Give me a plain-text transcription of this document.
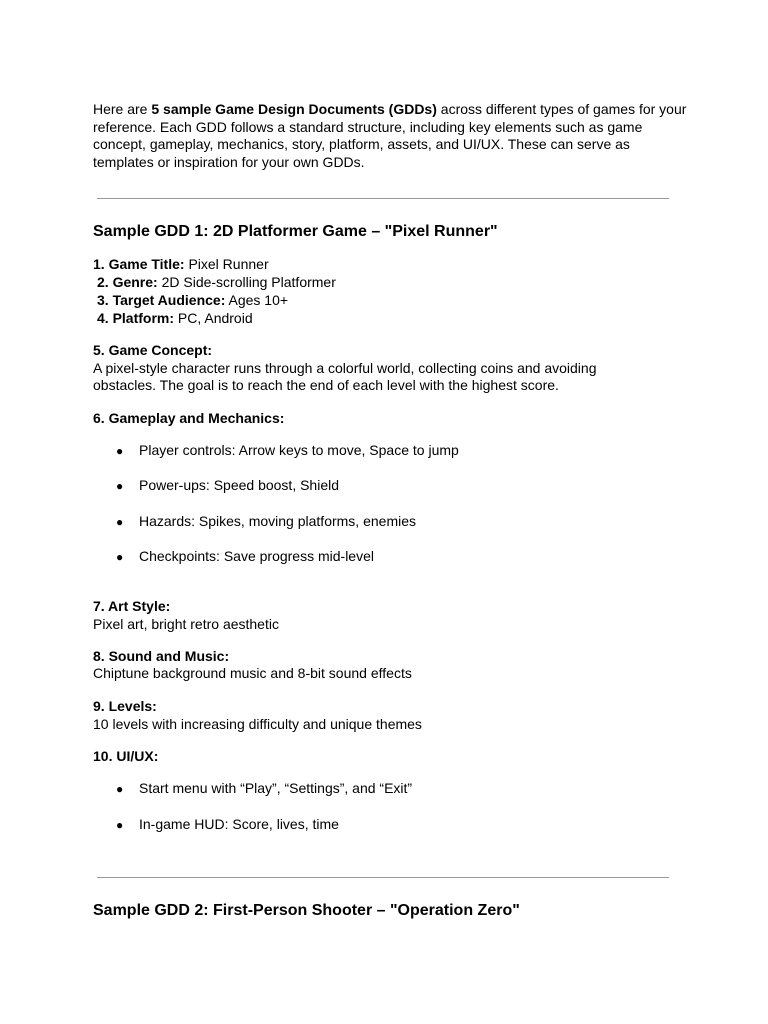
Here are 5 sample Game Design Documents (GDDs) across different types of games for your reference. Each GDD follows a standard structure, including key elements such as game concept, gameplay, mechanics, story, platform, assets, and UI/UX. These can serve as templates or inspiration for your own GDDs.

Sample GDD 1: 2D Platformer Game – "Pixel Runner"
1. Game Title: Pixel Runner
2. Genre: 2D Side-scrolling Platformer
3. Target Audience: Ages 10+
4. Platform: PC, Android
5. Game Concept:
A pixel-style character runs through a colorful world, collecting coins and avoiding
obstacles. The goal is to reach the end of each level with the highest score.
6. Gameplay and Mechanics:
● Player controls: Arrow keys to move, Space to jump
● Power-ups: Speed boost, Shield
● Hazards: Spikes, moving platforms, enemies
● Checkpoints: Save progress mid-level
7. Art Style:
Pixel art, bright retro aesthetic
8. Sound and Music:
Chiptune background music and 8-bit sound effects
9. Levels:
10 levels with increasing difficulty and unique themes
10. UI/UX:
● Start menu with “Play”, “Settings”, and “Exit”
● In-game HUD: Score, lives, time
Sample GDD 2: First-Person Shooter – "Operation Zero"
